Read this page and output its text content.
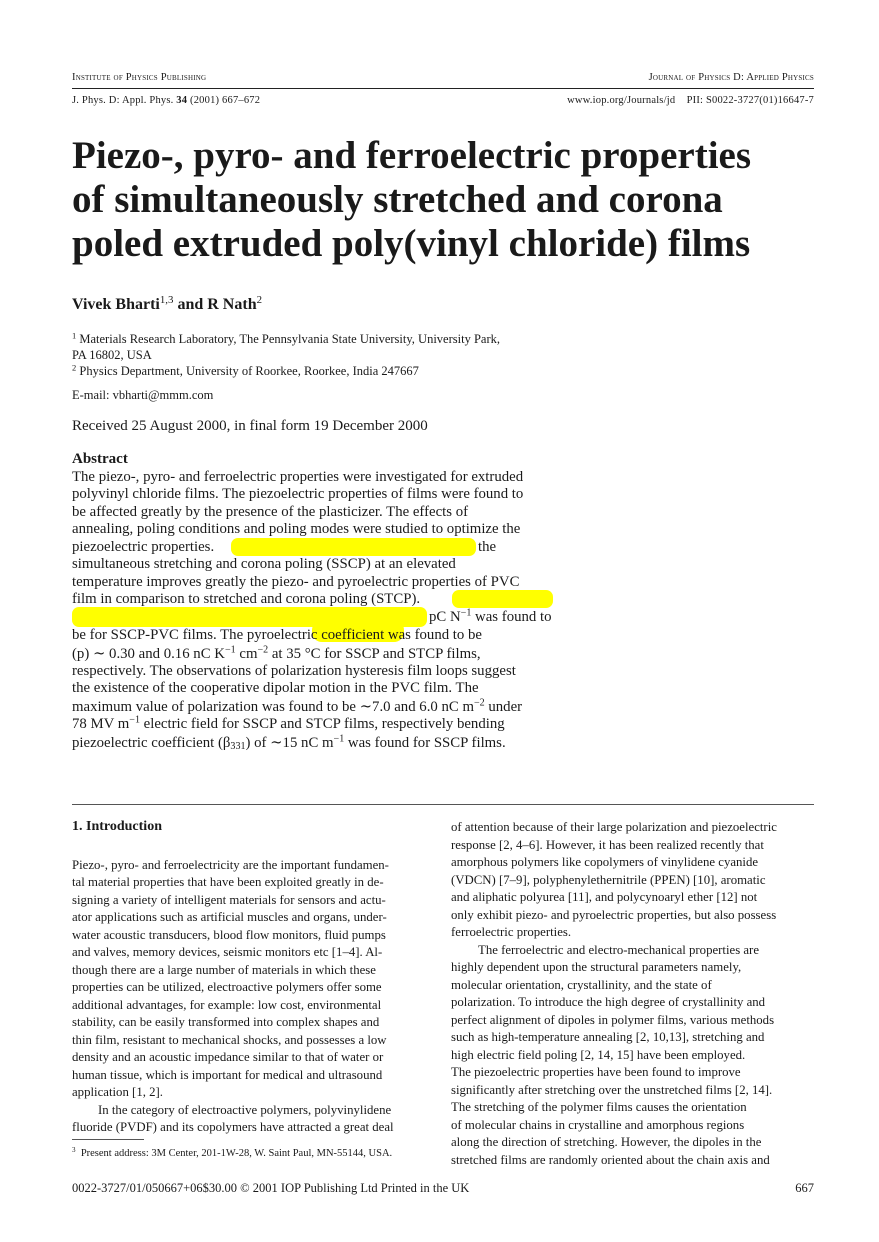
Institute of Physics Publishing	Journal of Physics D: Applied Physics
J. Phys. D: Appl. Phys. 34 (2001) 667–672	www.iop.org/Journals/jd PII: S0022-3727(01)16647-7
Piezo-, pyro- and ferroelectric properties
of simultaneously stretched and corona
poled extruded poly(vinyl chloride) films
Vivek Bharti$^{1,3}$ and R Nath$^2$
$^1$ Materials Research Laboratory, The Pennsylvania State University, University Park,
PA 16802, USA
$^2$ Physics Department, University of Roorkee, Roorkee, India 247667
E-mail: vbharti@mmm.com
Received 25 August 2000, in final form 19 December 2000
Abstract
The piezo-, pyro- and ferroelectric properties were investigated for extruded
polyvinyl chloride films. The piezoelectric properties of films were found to
be affected greatly by the presence of the plasticizer. The effects of
annealing, poling conditions and poling modes were studied to optimize the
piezoelectric properties.	the
simultaneous stretching and corona poling (SSCP) at an elevated
temperature improves greatly the piezo- and pyroelectric properties of PVC
film in comparison to stretched and corona poling (STCP).
pC $N^{-1}$ was found to
be for SSCP-PVC films. The pyroelectric coefficient was found to be
(p) ∼ 0.30 and 0.16 nC $K^{-1}$ $cm^{-2}$ at 35 °C for SSCP and STCP films,
respectively. The observations of polarization hysteresis film loops suggest
the existence of the cooperative dipolar motion in the PVC film. The
maximum value of polarization was found to be ∼7.0 and 6.0 nC $m^{-2}$ under
78 MV $m^{-1}$ electric field for SSCP and STCP films, respectively bending
piezoelectric coefficient $(\beta_{331})$ of ∼15 nC $m^{-1}$ was found for SSCP films.
1. Introduction
Piezo-, pyro- and ferroelectricity are the important fundamen-
tal material properties that have been exploited greatly in de-
signing a variety of intelligent materials for sensors and actu-
ator applications such as artificial muscles and organs, under-
water acoustic transducers, blood flow monitors, fluid pumps
and valves, memory devices, seismic monitors etc [1–4]. Al-
though there are a large number of materials in which these
properties can be utilized, electroactive polymers offer some
additional advantages, for example: low cost, environmental
stability, can be easily transformed into complex shapes and
thin film, resistant to mechanical shocks, and possesses a low
density and an acoustic impedance similar to that of water or
human tissue, which is important for medical and ultrasound
application [1, 2].
In the category of electroactive polymers, polyvinylidene
fluoride (PVDF) and its copolymers have attracted a great deal
of attention because of their large polarization and piezoelectric
response [2, 4–6]. However, it has been realized recently that
amorphous polymers like copolymers of vinylidene cyanide
(VDCN) [7–9], polyphenylethernitrile (PPEN) [10], aromatic
and aliphatic polyurea [11], and polycynoaryl ether [12] not
only exhibit piezo- and pyroelectric properties, but also possess
ferroelectric properties.
The ferroelectric and electro-mechanical properties are
highly dependent upon the structural parameters namely,
molecular orientation, crystallinity, and the state of
polarization. To introduce the high degree of crystallinity and
perfect alignment of dipoles in polymer films, various methods
such as high-temperature annealing [2, 10,13], stretching and
high electric field poling [2, 14, 15] have been employed.
The piezoelectric properties have been found to improve
significantly after stretching over the unstretched films [2, 14].
The stretching of the polymer films causes the orientation
of molecular chains in crystalline and amorphous regions
along the direction of stretching. However, the dipoles in the
stretched films are randomly oriented about the chain axis and
$^3$ Present address: 3M Center, 201-1W-28, W. Saint Paul, MN-55144, USA.
0022-3727/01/050667+06$30.00 © 2001 IOP Publishing Ltd Printed in the UK	667
